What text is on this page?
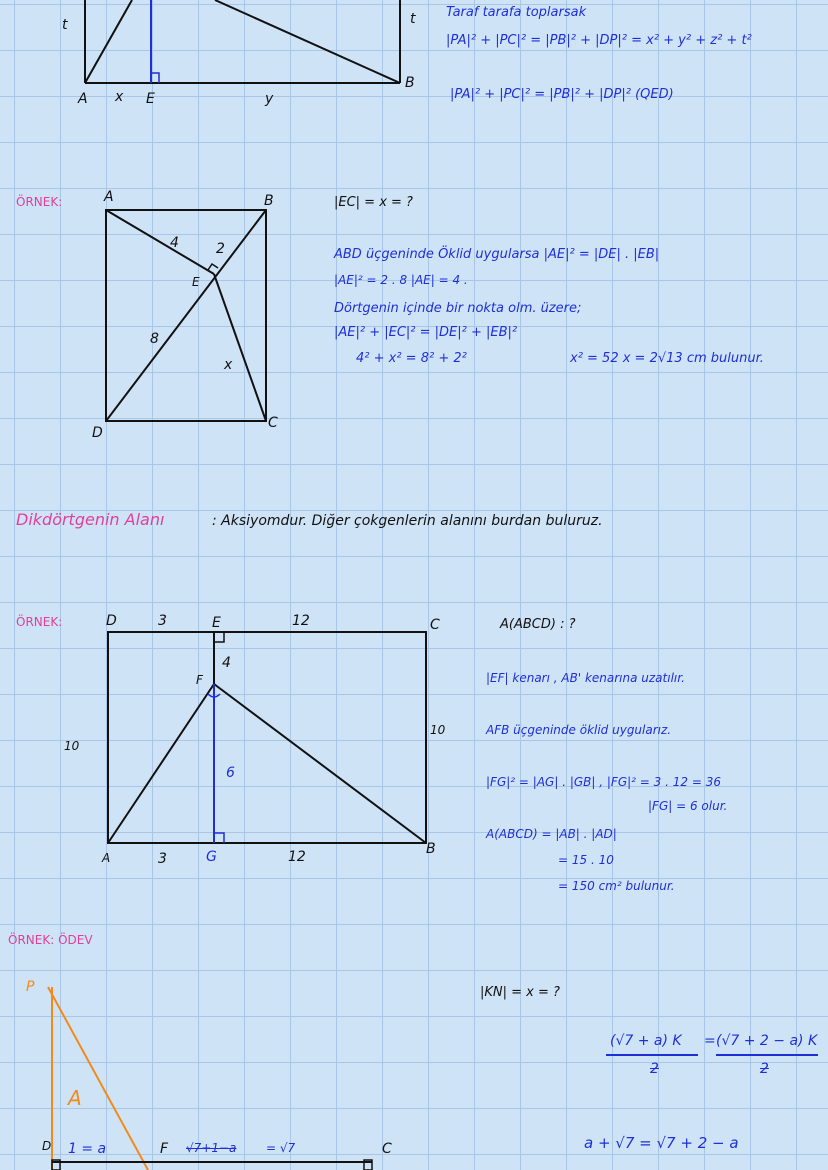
t	t
A x E	y
B
Taraf tarafa toplarsak
|PA|² + |PC|² = |PB|² + |DP|² = x² + y² + z² + t²
|PA|² + |PC|² = |PB|² + |DP|² (QED)
ÖRNEK:	A	B
C
D
E
4	2
8
x
|EC| = x = ?
ABD üçgeninde Öklid uygularsa |AE|² = |DE| . |EB|
|AE|² = 2 . 8 |AE| = 4 .
Dörtgenin içinde bir nokta olm. üzere;
|AE|² + |EC|² = |DE|² + |EB|²
4² + x² = 8² + 2²	x² = 52 x = 2√13 cm bulunur.
Dikdörtgenin Alanı	: Aksiyomdur. Diğer çokgenlerin alanını burdan buluruz.
ÖRNEK:	D	3	E	12	C
4
F
10
10
6
A	3	G	12	B
A(ABCD) : ?
|EF| kenarı , AB' kenarına uzatılır.
AFB üçgeninde öklid uygularız.
|FG|² = |AG| . |GB| , |FG|² = 3 . 12 = 36
|FG| = 6 olur.
A(ABCD) = |AB| . |AD|
= 15 . 10
= 150 cm² bulunur.
ÖRNEK: ÖDEV
|KN| = x = ?
P
A
D 1 = a	F √7+1−a = √7	C
(√7 + a) K = (√7 + 2 − a) K
2	2
a + √7 = √7 + 2 − a
